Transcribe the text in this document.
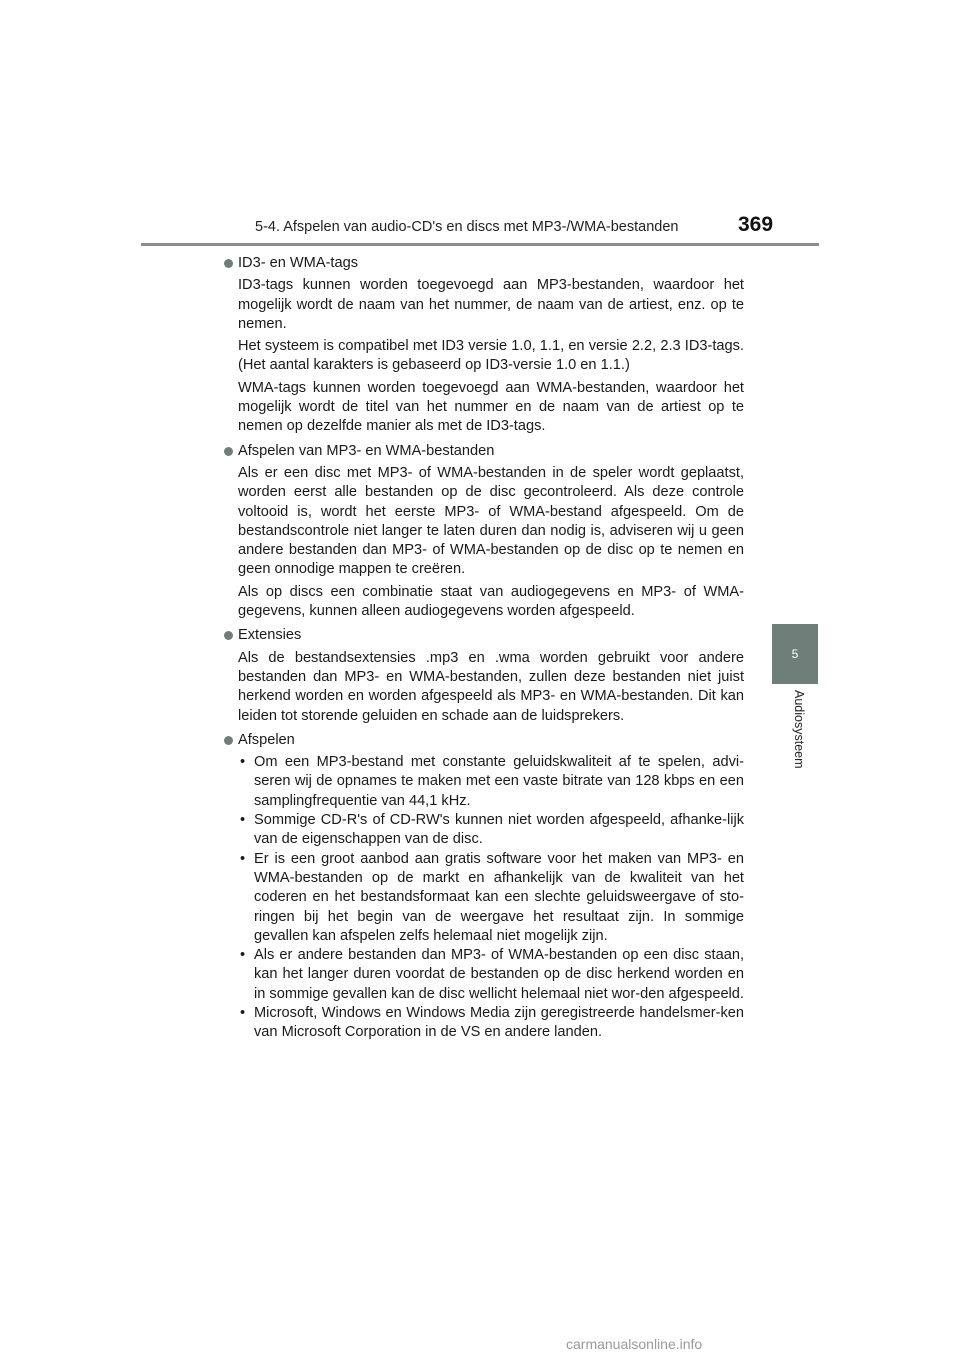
5-4. Afspelen van audio-CD's en discs met MP3-/WMA-bestanden	369
5
Audiosysteem
ID3- en WMA-tags

ID3-tags kunnen worden toegevoegd aan MP3-bestanden, waardoor het mogelijk wordt de naam van het nummer, de naam van de artiest, enz. op te nemen.

Het systeem is compatibel met ID3 versie 1.0, 1.1, en versie 2.2, 2.3 ID3-tags. (Het aantal karakters is gebaseerd op ID3-versie 1.0 en 1.1.)

WMA-tags kunnen worden toegevoegd aan WMA-bestanden, waardoor het mogelijk wordt de titel van het nummer en de naam van de artiest op te nemen op dezelfde manier als met de ID3-tags.

Afspelen van MP3- en WMA-bestanden

Als er een disc met MP3- of WMA-bestanden in de speler wordt geplaatst, worden eerst alle bestanden op de disc gecontroleerd. Als deze controle voltooid is, wordt het eerste MP3- of WMA-bestand afgespeeld. Om de bestandscontrole niet langer te laten duren dan nodig is, adviseren wij u geen andere bestanden dan MP3- of WMA-bestanden op de disc op te nemen en geen onnodige mappen te creëren.

Als op discs een combinatie staat van audiogegevens en MP3- of WMA-gegevens, kunnen alleen audiogegevens worden afgespeeld.

Extensies

Als de bestandsextensies .mp3 en .wma worden gebruikt voor andere bestanden dan MP3- en WMA-bestanden, zullen deze bestanden niet juist herkend worden en worden afgespeeld als MP3- en WMA-bestanden. Dit kan leiden tot storende geluiden en schade aan de luidsprekers.

Afspelen
• Om een MP3-bestand met constante geluidskwaliteit af te spelen, advi-seren wij de opnames te maken met een vaste bitrate van 128 kbps en een samplingfrequentie van 44,1 kHz.
• Sommige CD-R's of CD-RW's kunnen niet worden afgespeeld, afhanke-lijk van de eigenschappen van de disc.
• Er is een groot aanbod aan gratis software voor het maken van MP3- en WMA-bestanden op de markt en afhankelijk van de kwaliteit van het coderen en het bestandsformaat kan een slechte geluidsweergave of sto-ringen bij het begin van de weergave het resultaat zijn. In sommige gevallen kan afspelen zelfs helemaal niet mogelijk zijn.
• Als er andere bestanden dan MP3- of WMA-bestanden op een disc staan, kan het langer duren voordat de bestanden op de disc herkend worden en in sommige gevallen kan de disc wellicht helemaal niet wor-den afgespeeld.
• Microsoft, Windows en Windows Media zijn geregistreerde handelsmer-ken van Microsoft Corporation in de VS en andere landen.
carmanualsonline.info
